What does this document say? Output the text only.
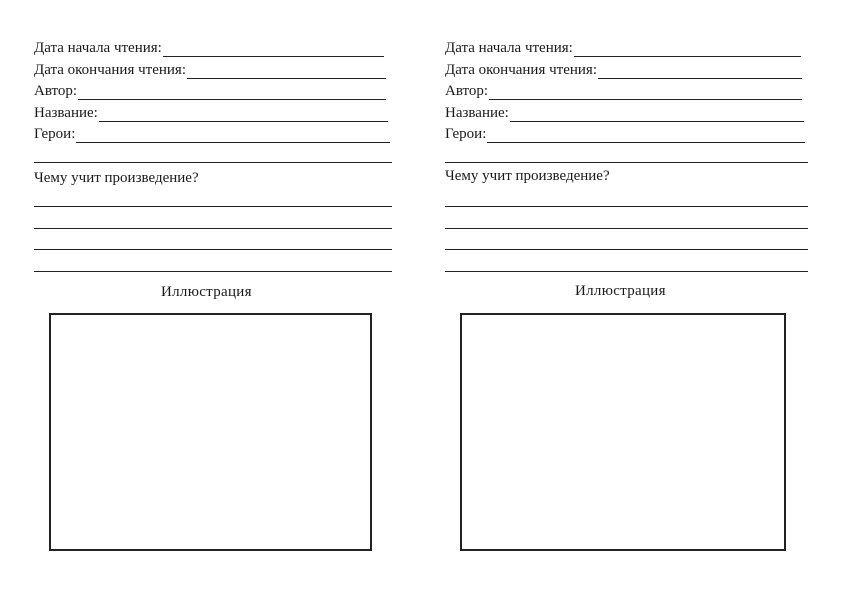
Дата начала чтения:
Дата окончания чтения:
Автор:
Название:
Герои:
Чему учит произведение?
Иллюстрация
Дата начала чтения:
Дата окончания чтения:
Автор:
Название:
Герои:
Чему учит произведение?
Иллюстрация
